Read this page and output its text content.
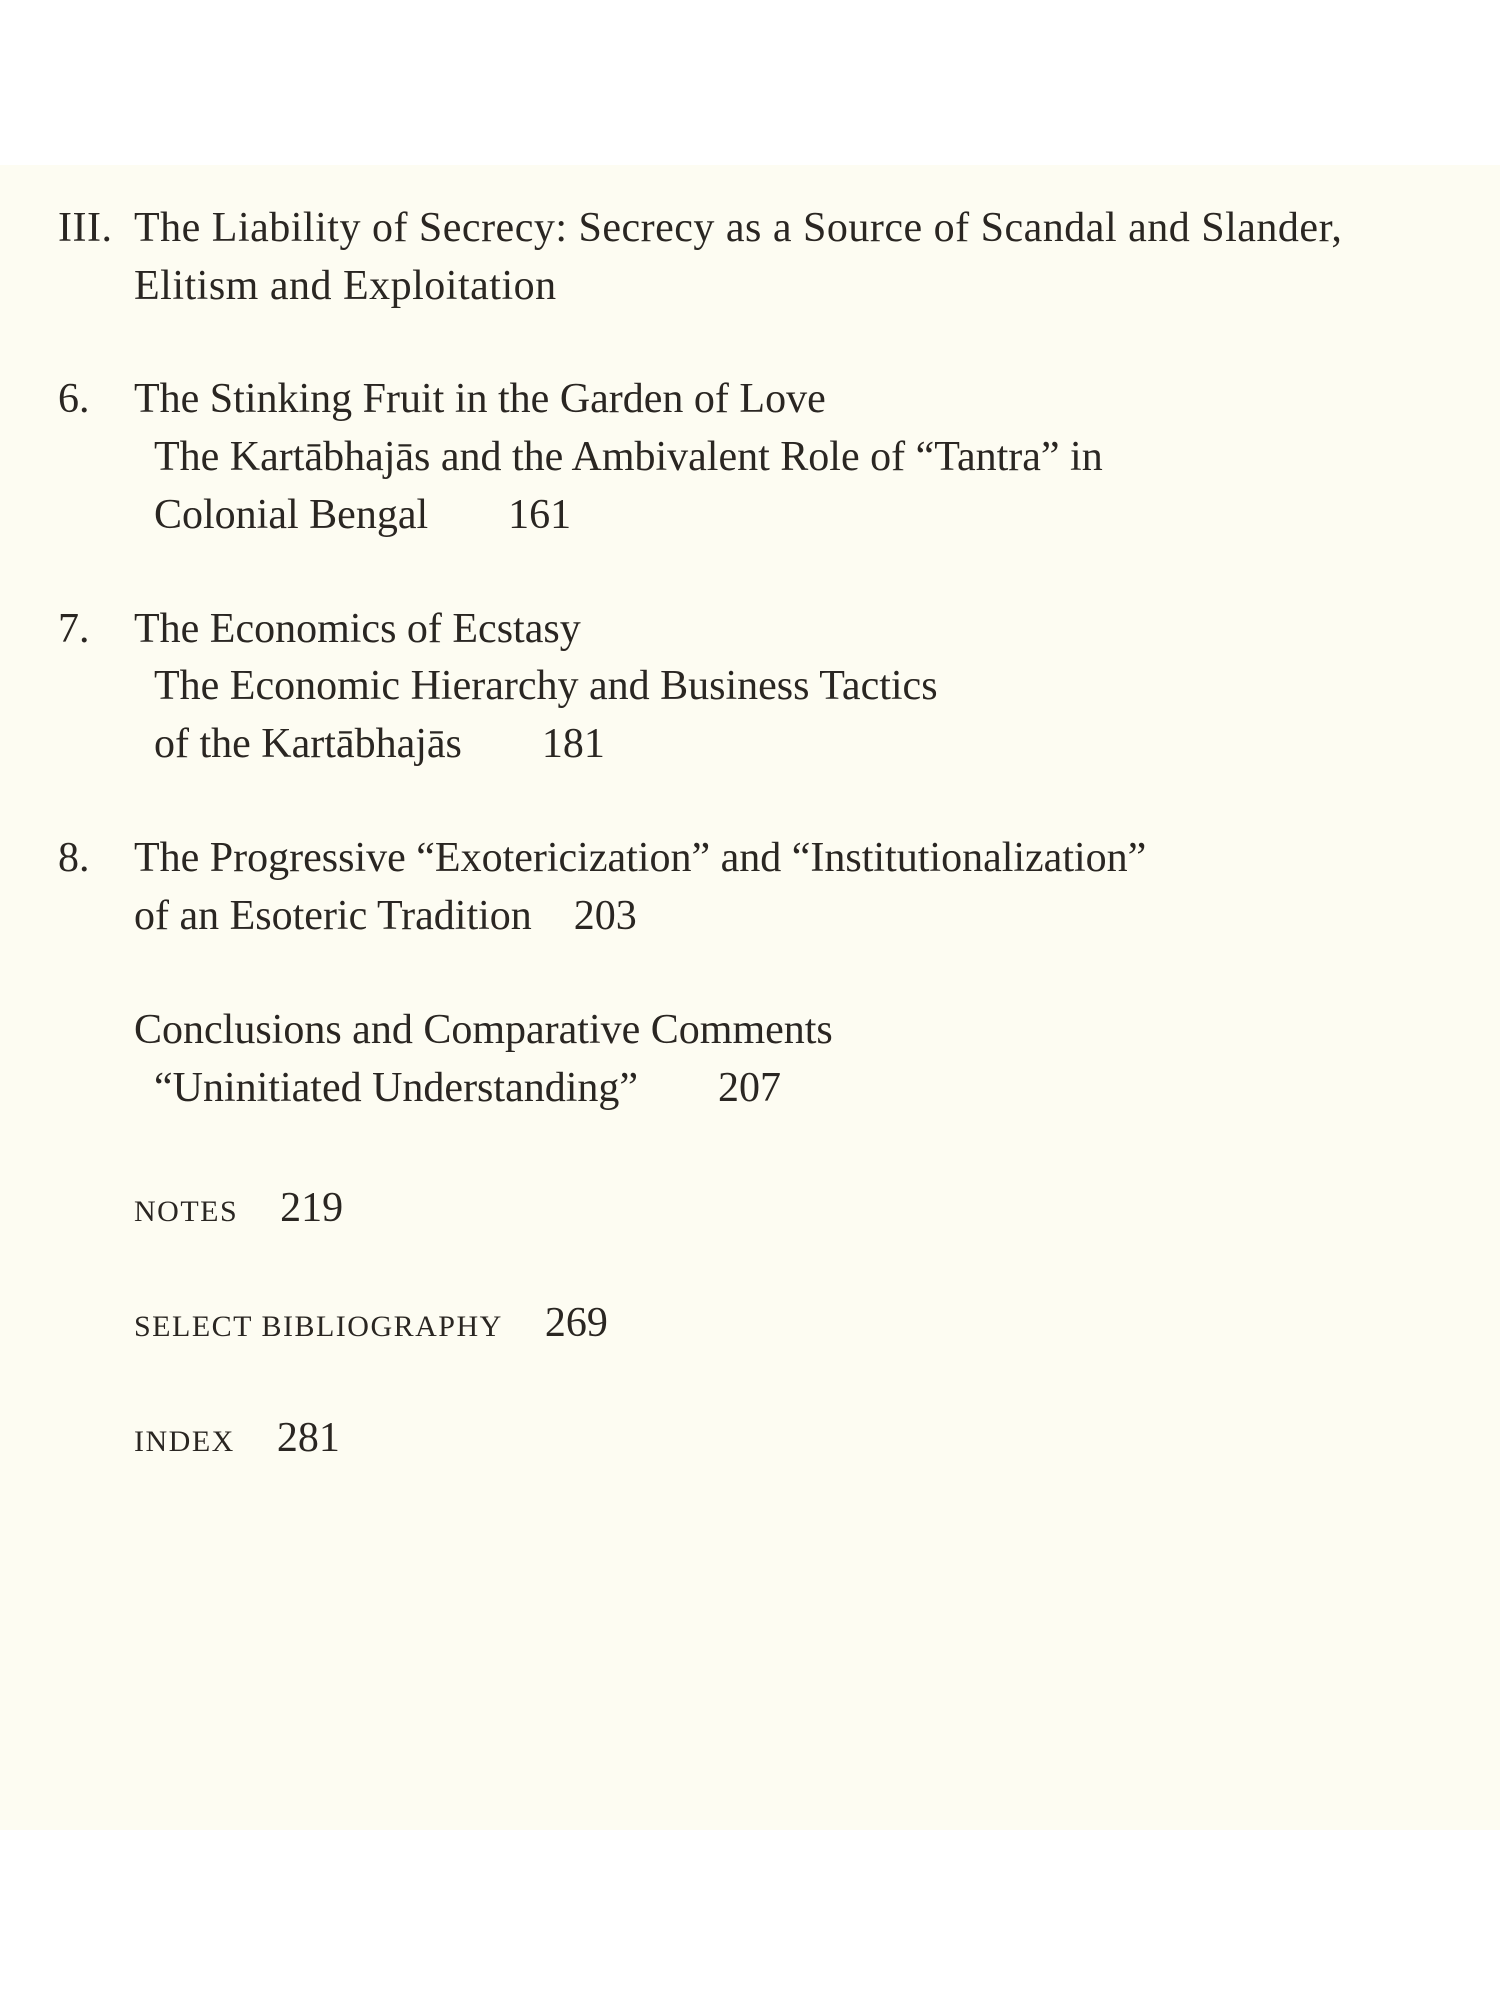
III. The Liability of Secrecy: Secrecy as a Source of Scandal and Slander,
Elitism and Exploitation
6. The Stinking Fruit in the Garden of Love
The Kartābhajās and the Ambivalent Role of “Tantra” in
Colonial Bengal 161
7. The Economics of Ecstasy
The Economic Hierarchy and Business Tactics
of the Kartābhajās 181
8. The Progressive “Exotericization” and “Institutionalization”
of an Esoteric Tradition 203
Conclusions and Comparative Comments
“Uninitiated Understanding” 207
NOTES 219
SELECT BIBLIOGRAPHY 269
INDEX 281
